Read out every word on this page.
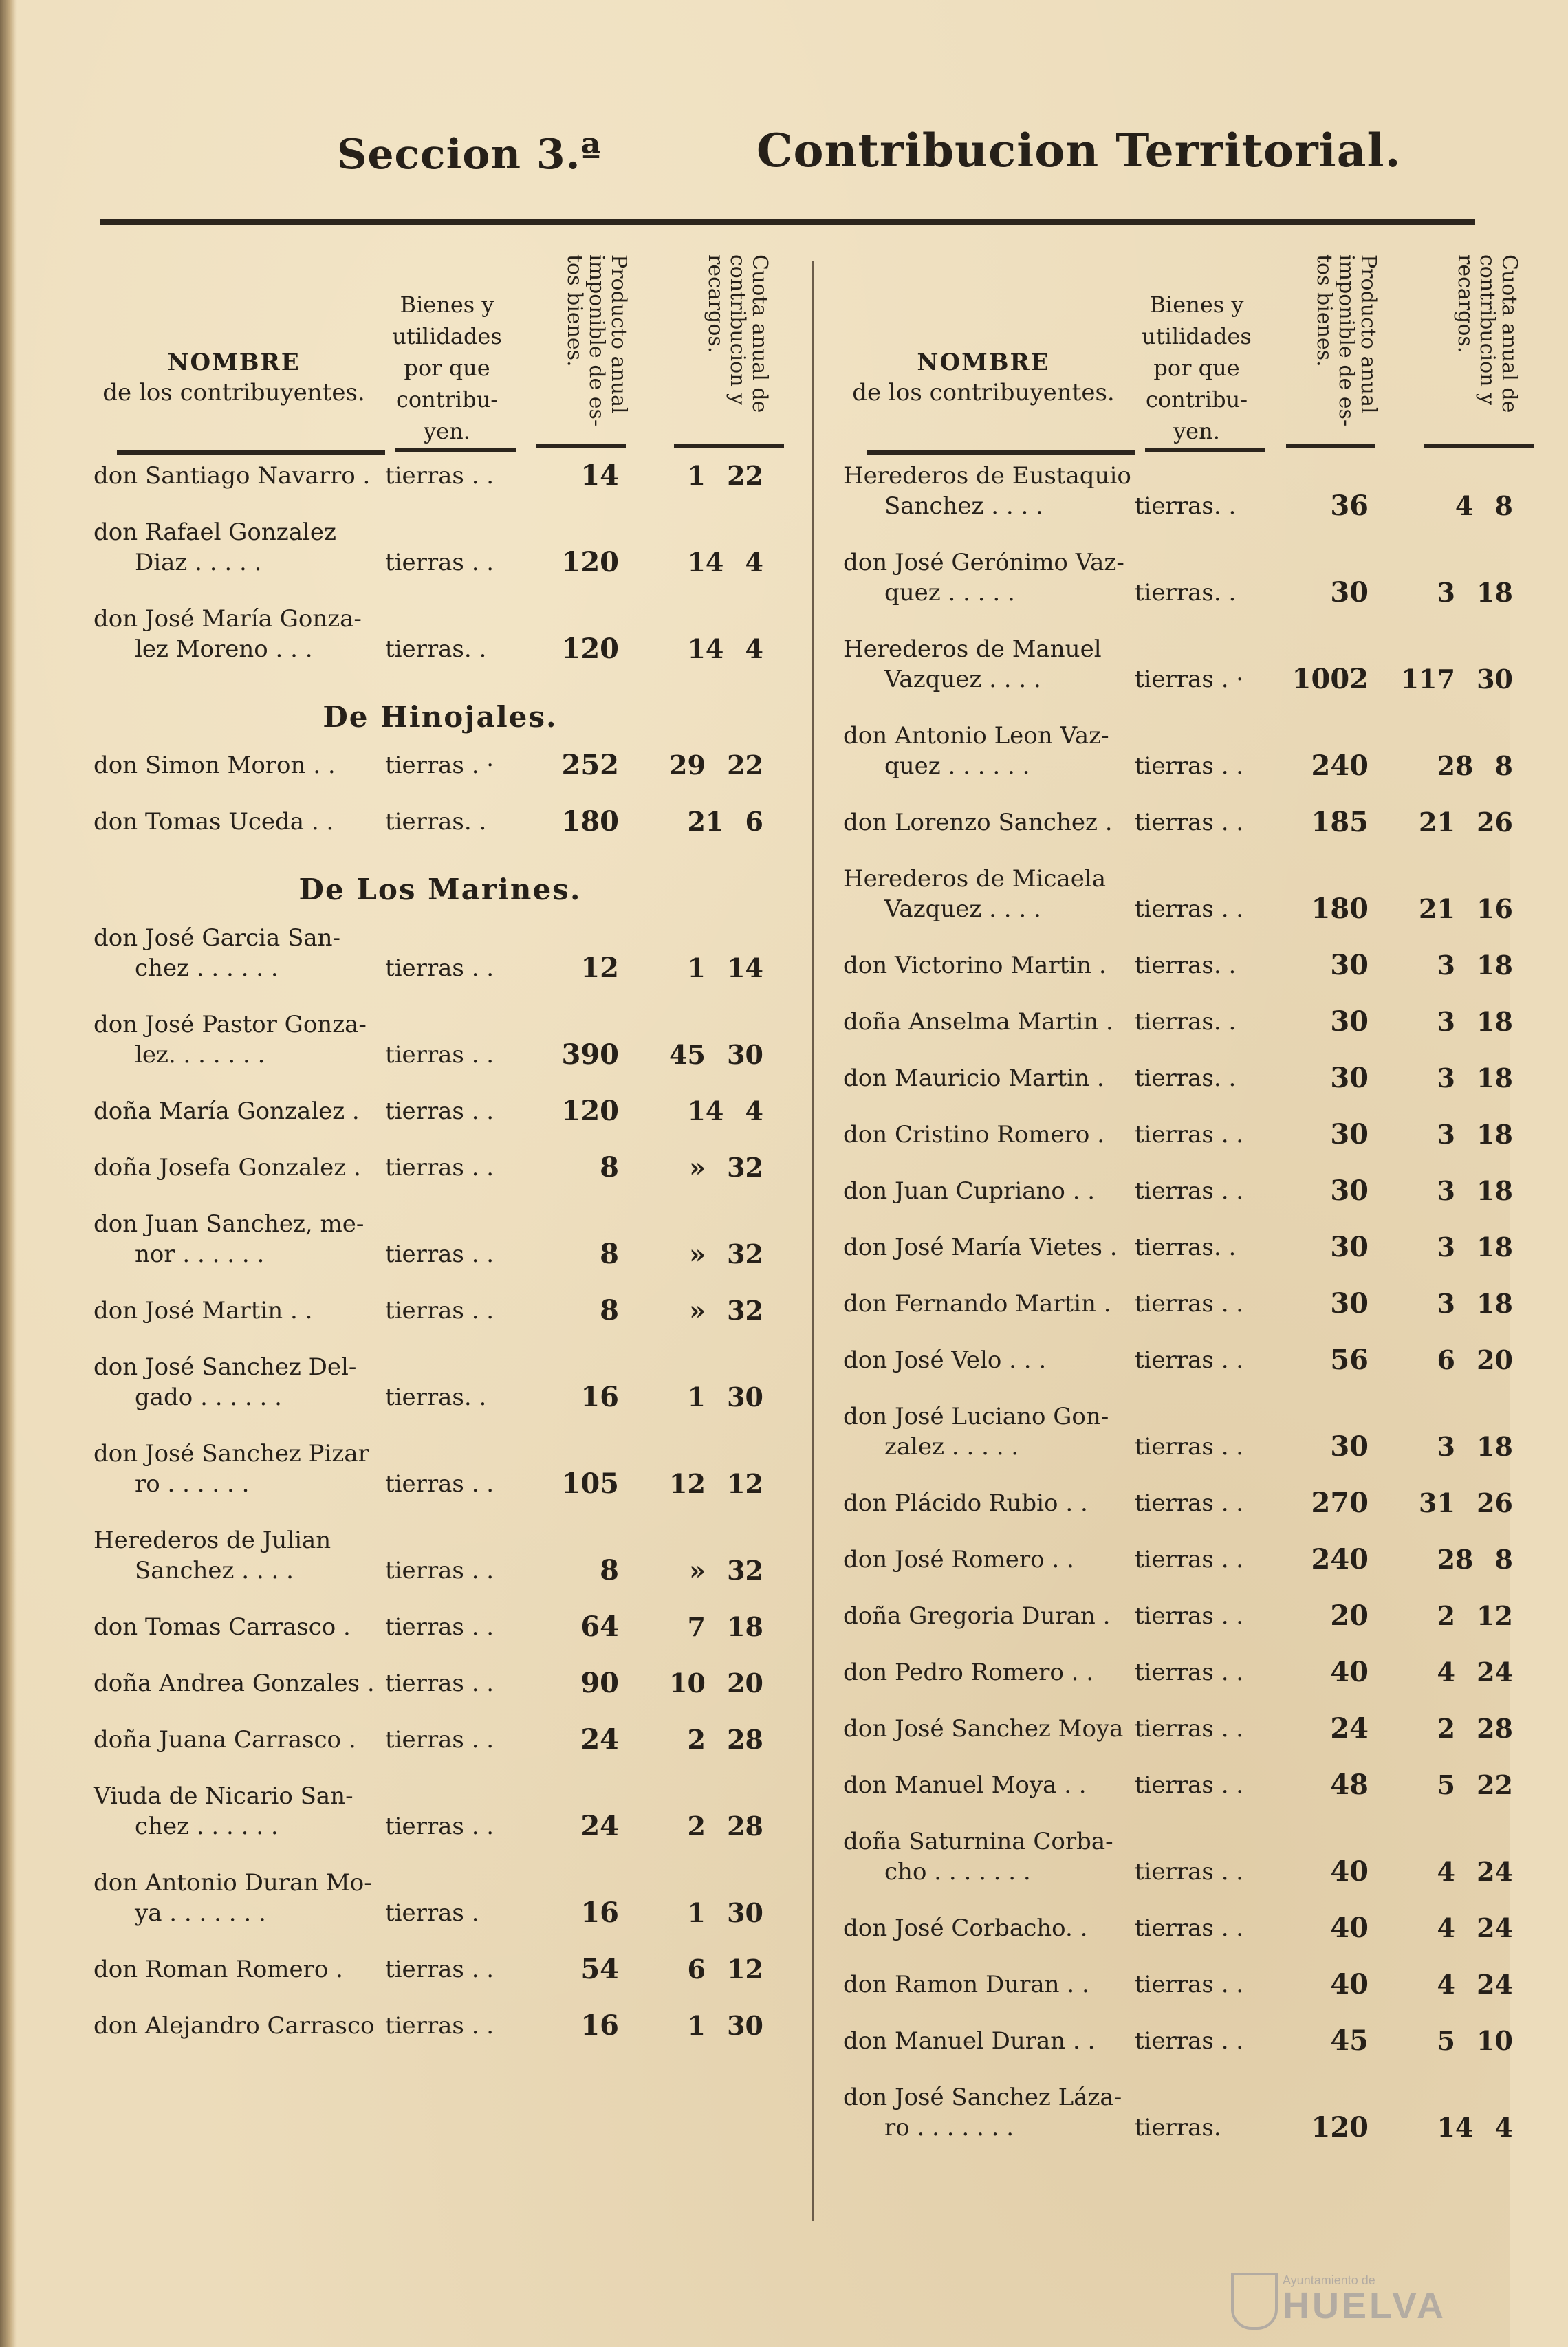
Seccion 3.ª	Contribucion Territorial.
NOMBRE
de los contribuyentes.
Bienes y utilidades por que contribu-yen.
Producto anual imponible de es-tos bienes.	Cuota anual de contribucion y recargos.
don Santiago Navarro . tierras . .	14	1 22
don Rafael Gonzalez

Diaz . . . . .	tierras . .	120	14 4
don José María Gonza-

lez Moreno . . .	tierras. .	120	14 4
De Hinojales.
don Simon Moron . .	tierras . ·	252	29 22
don Tomas Uceda . .	tierras. .	180	21 6
De Los Marines.
don José Garcia San-

chez . . . . . .	tierras . .	12	1 14
don José Pastor Gonza-

lez. . . . . . .	tierras . .	390	45 30
doña María Gonzalez .	tierras . .	120	14 4
doña Josefa Gonzalez .	tierras . .	8	» 32
don Juan Sanchez, me-

nor . . . . . .	tierras . .	8	» 32
don José Martin . .	tierras . .	8	» 32
don José Sanchez Del-

gado . . . . . .	tierras. .	16	1 30
don José Sanchez Pizar

ro . . . . . .	tierras . .	105	12 12
Herederos de Julian

Sanchez . . . .	tierras . .	8	» 32
don Tomas Carrasco .	tierras . .	64	7 18
doña Andrea Gonzales . tierras . .	90	10 20
doña Juana Carrasco .	tierras . .	24	2 28
Viuda de Nicario San-

chez . . . . . .	tierras . .	24	2 28
don Antonio Duran Mo-

ya . . . . . . .	tierras .	16	1 30
don Roman Romero .	tierras . .	54	6 12
don Alejandro Carrasco tierras . .	16	1 30
NOMBRE
de los contribuyentes.
Bienes y utilidades por que contribu-yen.
Producto anual imponible de es-tos bienes.	Cuota anual de contribucion y recargos.
Herederos de Eustaquio

Sanchez . . . .	tierras. .	36	4 8
don José Gerónimo Vaz-

quez . . . . .	tierras. .	30	3 18
Herederos de Manuel

Vazquez . . . .	tierras . ·	1002	117 30
don Antonio Leon Vaz-

quez . . . . . .	tierras . .	240	28 8
don Lorenzo Sanchez . tierras . .	185	21 26
Herederos de Micaela

Vazquez . . . .	tierras . .	180	21 16
don Victorino Martin .	tierras. .	30	3 18
doña Anselma Martin . tierras. .	30	3 18
don Mauricio Martin .	tierras. .	30	3 18
don Cristino Romero .	tierras . .	30	3 18
don Juan Cupriano . .	tierras . .	30	3 18
don José María Vietes . tierras. .	30	3 18
don Fernando Martin .	tierras . .	30	3 18
don José Velo . . .	tierras . .	56	6 20
don José Luciano Gon-

zalez . . . . .	tierras . .	30	3 18
don Plácido Rubio . .	tierras . .	270	31 26
don José Romero . .	tierras . .	240	28 8
doña Gregoria Duran .	tierras . .	20	2 12
don Pedro Romero . .	tierras . .	40	4 24
don José Sanchez Moya tierras . .	24	2 28
don Manuel Moya . .	tierras . .	48	5 22
doña Saturnina Corba-

cho . . . . . . .	tierras . .	40	4 24
don José Corbacho. .	tierras . .	40	4 24
don Ramon Duran . .	tierras . .	40	4 24
don Manuel Duran . .	tierras . .	45	5 10
don José Sanchez Láza-

ro . . . . . . .	tierras.	120	14 4
Ayuntamiento de
HUELVA
